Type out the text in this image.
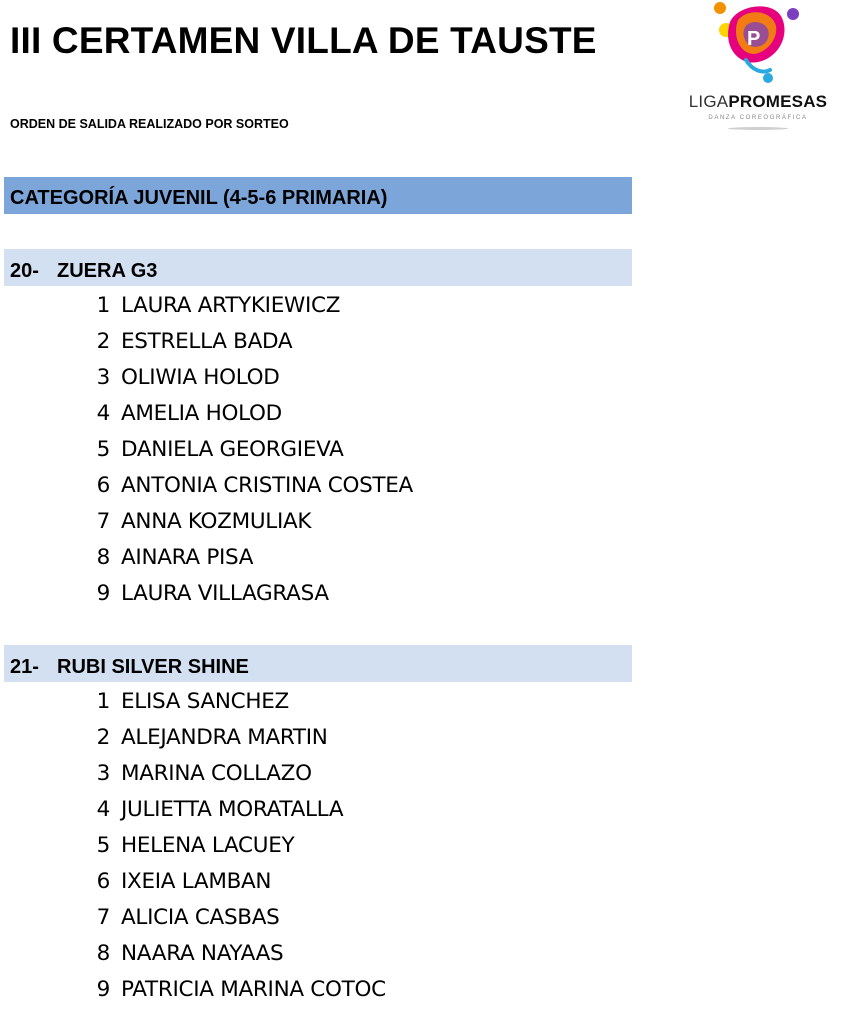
III CERTAMEN VILLA DE TAUSTE
ORDEN DE SALIDA REALIZADO POR SORTEO
P
LIGAPROMESAS
DANZA COREOGRÁFICA
CATEGORÍA JUVENIL (4-5-6 PRIMARIA)
20- ZUERA G3
1 LAURA ARTYKIEWICZ
2 ESTRELLA BADA
3 OLIWIA HOLOD
4 AMELIA HOLOD
5 DANIELA GEORGIEVA
6 ANTONIA CRISTINA COSTEA
7 ANNA KOZMULIAK
8 AINARA PISA
9 LAURA VILLAGRASA
21- RUBI SILVER SHINE
1 ELISA SANCHEZ
2 ALEJANDRA MARTIN
3 MARINA COLLAZO
4 JULIETTA MORATALLA
5 HELENA LACUEY
6 IXEIA LAMBAN
7 ALICIA CASBAS
8 NAARA NAYAAS
9 PATRICIA MARINA COTOC
